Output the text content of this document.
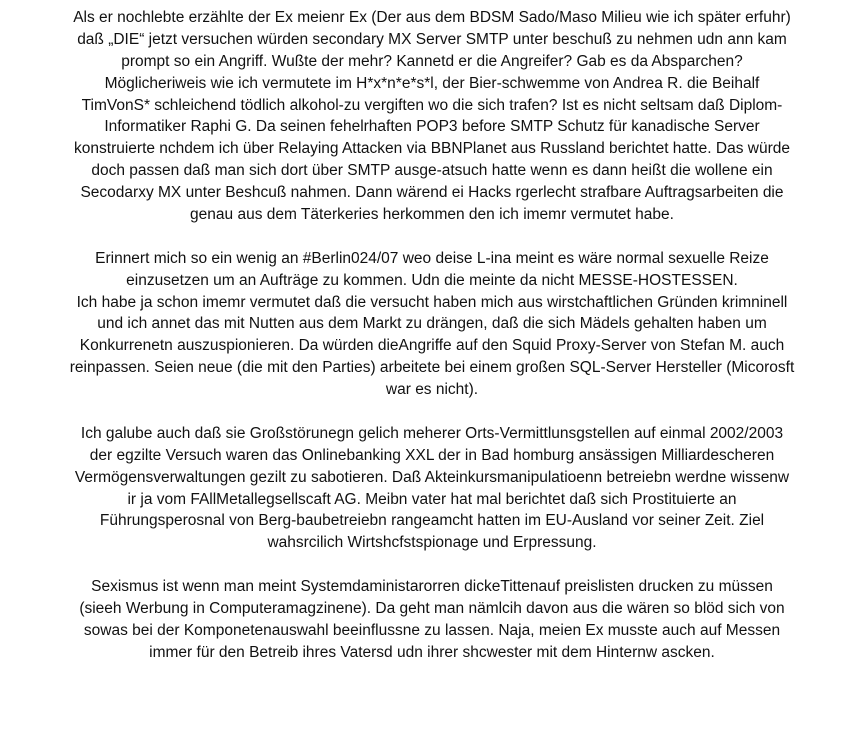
Als er nochlebte erzählte der Ex meienr Ex (Der aus dem BDSM Sado/Maso Milieu wie ich später erfuhr)
daß „DIE“ jetzt versuchen würden secondary MX Server SMTP unter beschuß zu nehmen udn ann kam
prompt so ein Angriff. Wußte der mehr? Kannetd er die Angreifer? Gab es da Absparchen?
Möglicheriweis wie ich vermutete im H*x*n*e*s*l, der Bier-schwemme von Andrea R. die Beihalf
TimVonS* schleichend tödlich alkohol-zu vergiften wo die sich trafen? Ist es nicht seltsam daß Diplom-
Informatiker Raphi G. Da seinen fehelrhaften POP3 before SMTP Schutz für kanadische Server
konstruierte nchdem ich über Relaying Attacken via BBNPlanet aus Russland berichtet hatte. Das würde
doch passen daß man sich dort über SMTP ausge-atsuch hatte wenn es dann heißt die wollene ein
Secodarxy MX unter Beshcuß nahmen. Dann wärend ei Hacks rgerlecht strafbare Auftragsarbeiten die
genau aus dem Täterkeries herkommen den ich imemr vermutet habe.
Erinnert mich so ein wenig an #Berlin024/07 weo deise L-ina meint es wäre normal sexuelle Reize
einzusetzen um an Aufträge zu kommen. Udn die meinte da nicht MESSE-HOSTESSEN.
Ich habe ja schon imemr vermutet daß die versucht haben mich aus wirstchaftlichen Gründen krimninell
und ich annet das mit Nutten aus dem Markt zu drängen, daß die sich Mädels gehalten haben um
Konkurrenetn auszuspionieren. Da würden dieAngriffe auf den Squid Proxy-Server von Stefan M. auch
reinpassen. Seien neue (die mit den Parties) arbeitete bei einem großen SQL-Server Hersteller (Micorosft
war es nicht).
Ich galube auch daß sie Großstörunegn gelich meherer Orts-Vermittlunsgstellen auf einmal 2002/2003
der egzilte Versuch waren das Onlinebanking XXL der in Bad homburg ansässigen Milliardescheren
Vermögensverwaltungen gezilt zu sabotieren. Daß Akteinkursmanipulatioenn betreiebn werdne wissenw
ir ja vom FAllMetallegsellscaft AG. Meibn vater hat mal berichtet daß sich Prostituierte an
Führungsperosnal von Berg-baubetreiebn rangeamcht hatten im EU-Ausland vor seiner Zeit. Ziel
wahsrcilich Wirtshcfstspionage und Erpressung.
Sexismus ist wenn man meint Systemdaministarorren dickeTittenauf preislisten drucken zu müssen
(sieeh Werbung in Computeramagzinene). Da geht man nämlcih davon aus die wären so blöd sich von
sowas bei der Komponetenauswahl beeinflussne zu lassen. Naja, meien Ex musste auch auf Messen
immer für den Betreib ihres Vatersd udn ihrer shcwester mit dem Hinternw ascken.
